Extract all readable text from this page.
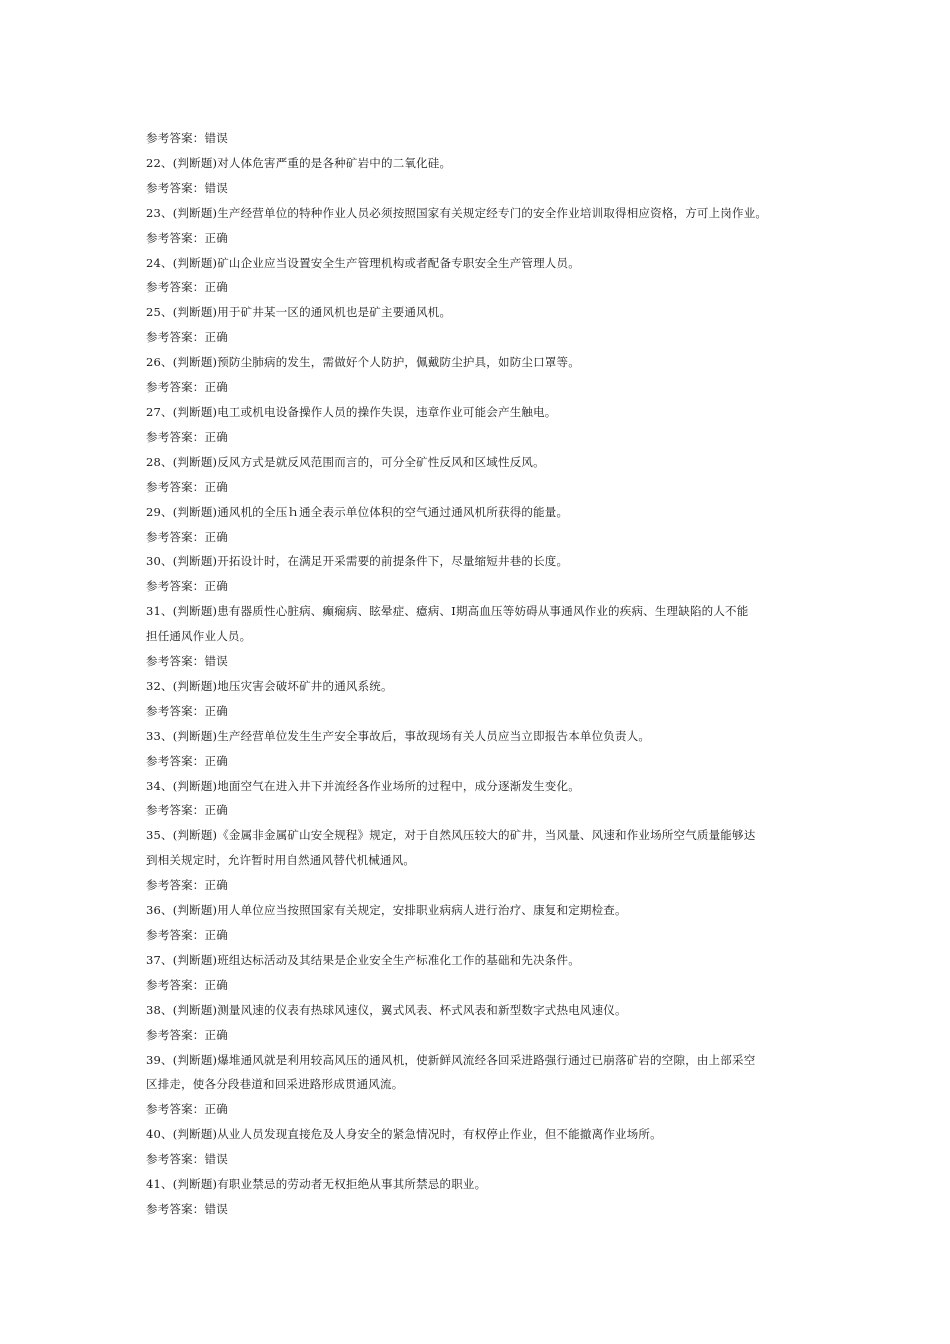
参考答案：错误
22、(判断题)对人体危害严重的是各种矿岩中的二氧化硅。
参考答案：错误
23、(判断题)生产经营单位的特种作业人员必须按照国家有关规定经专门的安全作业培训取得相应资格，方可上岗作业。
参考答案：正确
24、(判断题)矿山企业应当设置安全生产管理机构或者配备专职安全生产管理人员。
参考答案：正确
25、(判断题)用于矿井某一区的通风机也是矿主要通风机。
参考答案：正确
26、(判断题)预防尘肺病的发生，需做好个人防护，佩戴防尘护具，如防尘口罩等。
参考答案：正确
27、(判断题)电工或机电设备操作人员的操作失误，违章作业可能会产生触电。
参考答案：正确
28、(判断题)反风方式是就反风范围而言的，可分全矿性反风和区域性反风。
参考答案：正确
29、(判断题)通风机的全压ｈ通全表示单位体积的空气通过通风机所获得的能量。
参考答案：正确
30、(判断题)开拓设计时，在满足开采需要的前提条件下，尽量缩短井巷的长度。
参考答案：正确
31、(判断题)患有器质性心脏病、癫痫病、眩晕症、癔病、Ⅰ期高血压等妨碍从事通风作业的疾病、生理缺陷的人不能
担任通风作业人员。
参考答案：错误
32、(判断题)地压灾害会破坏矿井的通风系统。
参考答案：正确
33、(判断题)生产经营单位发生生产安全事故后，事故现场有关人员应当立即报告本单位负责人。
参考答案：正确
34、(判断题)地面空气在进入井下并流经各作业场所的过程中，成分逐渐发生变化。
参考答案：正确
35、(判断题)《金属非金属矿山安全规程》规定，对于自然风压较大的矿井，当风量、风速和作业场所空气质量能够达
到相关规定时，允许暂时用自然通风替代机械通风。
参考答案：正确
36、(判断题)用人单位应当按照国家有关规定，安排职业病病人进行治疗、康复和定期检查。
参考答案：正确
37、(判断题)班组达标活动及其结果是企业安全生产标准化工作的基础和先决条件。
参考答案：正确
38、(判断题)测量风速的仪表有热球风速仪，翼式风表、杯式风表和新型数字式热电风速仪。
参考答案：正确
39、(判断题)爆堆通风就是利用较高风压的通风机，使新鲜风流经各回采进路强行通过已崩落矿岩的空隙，由上部采空
区排走，使各分段巷道和回采进路形成贯通风流。
参考答案：正确
40、(判断题)从业人员发现直接危及人身安全的紧急情况时，有权停止作业，但不能撤离作业场所。
参考答案：错误
41、(判断题)有职业禁忌的劳动者无权拒绝从事其所禁忌的职业。
参考答案：错误
